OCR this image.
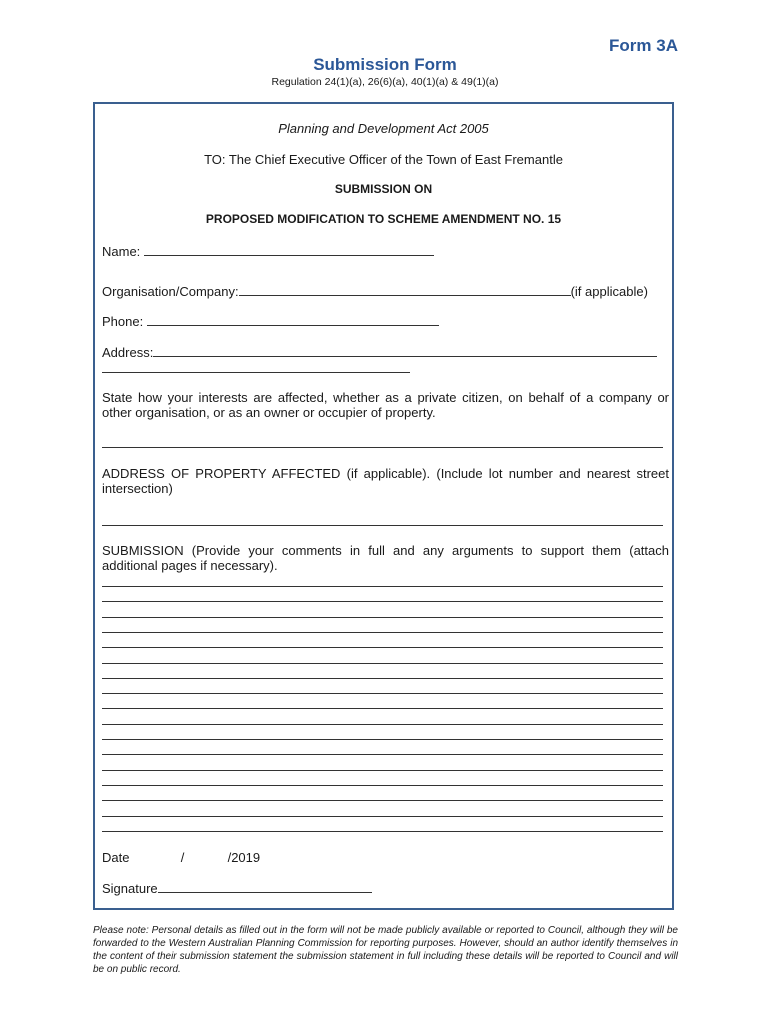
Form 3A
Submission Form
Regulation 24(1)(a), 26(6)(a), 40(1)(a) & 49(1)(a)
Planning and Development Act 2005
TO: The Chief Executive Officer of the Town of East Fremantle
SUBMISSION ON
PROPOSED MODIFICATION TO SCHEME AMENDMENT NO. 15
Name:
Organisation/Company:	(if applicable)
Phone:
Address:
State how your interests are affected, whether as a private citizen, on behalf of a company or other organisation, or as an owner or occupier of property.
ADDRESS OF PROPERTY AFFECTED (if applicable). (Include lot number and nearest street intersection)
SUBMISSION (Provide your comments in full and any arguments to support them (attach additional pages if necessary).
Date	/	/2019
Signature
Please note: Personal details as filled out in the form will not be made publicly available or reported to Council, although they will be forwarded to the Western Australian Planning Commission for reporting purposes. However, should an author identify themselves in the content of their submission statement the submission statement in full including these details will be reported to Council and will be on public record.
